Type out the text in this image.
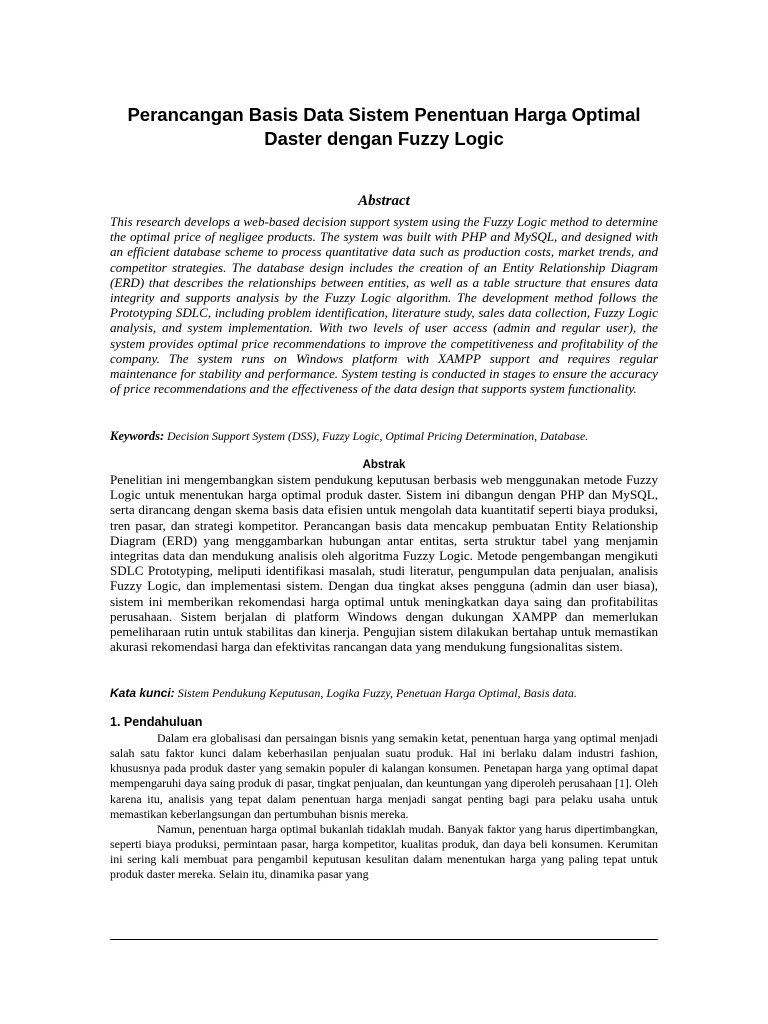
Perancangan Basis Data Sistem Penentuan Harga Optimal Daster dengan Fuzzy Logic
Abstract
This research develops a web-based decision support system using the Fuzzy Logic method to determine the optimal price of negligee products. The system was built with PHP and MySQL, and designed with an efficient database scheme to process quantitative data such as production costs, market trends, and competitor strategies. The database design includes the creation of an Entity Relationship Diagram (ERD) that describes the relationships between entities, as well as a table structure that ensures data integrity and supports analysis by the Fuzzy Logic algorithm. The development method follows the Prototyping SDLC, including problem identification, literature study, sales data collection, Fuzzy Logic analysis, and system implementation. With two levels of user access (admin and regular user), the system provides optimal price recommendations to improve the competitiveness and profitability of the company. The system runs on Windows platform with XAMPP support and requires regular maintenance for stability and performance. System testing is conducted in stages to ensure the accuracy of price recommendations and the effectiveness of the data design that supports system functionality.
Keywords: Decision Support System (DSS), Fuzzy Logic, Optimal Pricing Determination, Database.
Abstrak
Penelitian ini mengembangkan sistem pendukung keputusan berbasis web menggunakan metode Fuzzy Logic untuk menentukan harga optimal produk daster. Sistem ini dibangun dengan PHP dan MySQL, serta dirancang dengan skema basis data efisien untuk mengolah data kuantitatif seperti biaya produksi, tren pasar, dan strategi kompetitor. Perancangan basis data mencakup pembuatan Entity Relationship Diagram (ERD) yang menggambarkan hubungan antar entitas, serta struktur tabel yang menjamin integritas data dan mendukung analisis oleh algoritma Fuzzy Logic. Metode pengembangan mengikuti SDLC Prototyping, meliputi identifikasi masalah, studi literatur, pengumpulan data penjualan, analisis Fuzzy Logic, dan implementasi sistem. Dengan dua tingkat akses pengguna (admin dan user biasa), sistem ini memberikan rekomendasi harga optimal untuk meningkatkan daya saing dan profitabilitas perusahaan. Sistem berjalan di platform Windows dengan dukungan XAMPP dan memerlukan pemeliharaan rutin untuk stabilitas dan kinerja. Pengujian sistem dilakukan bertahap untuk memastikan akurasi rekomendasi harga dan efektivitas rancangan data yang mendukung fungsionalitas sistem.
Kata kunci: Sistem Pendukung Keputusan, Logika Fuzzy, Penetuan Harga Optimal, Basis data.
1. Pendahuluan

Dalam era globalisasi dan persaingan bisnis yang semakin ketat, penentuan harga yang optimal menjadi salah satu faktor kunci dalam keberhasilan penjualan suatu produk. Hal ini berlaku dalam industri fashion, khususnya pada produk daster yang semakin populer di kalangan konsumen. Penetapan harga yang optimal dapat mempengaruhi daya saing produk di pasar, tingkat penjualan, dan keuntungan yang diperoleh perusahaan [1]. Oleh karena itu, analisis yang tepat dalam penentuan harga menjadi sangat penting bagi para pelaku usaha untuk memastikan keberlangsungan dan pertumbuhan bisnis mereka.

Namun, penentuan harga optimal bukanlah tidaklah mudah. Banyak faktor yang harus dipertimbangkan, seperti biaya produksi, permintaan pasar, harga kompetitor, kualitas produk, dan daya beli konsumen. Kerumitan ini sering kali membuat para pengambil keputusan kesulitan dalam menentukan harga yang paling tepat untuk produk daster mereka. Selain itu, dinamika pasar yang
